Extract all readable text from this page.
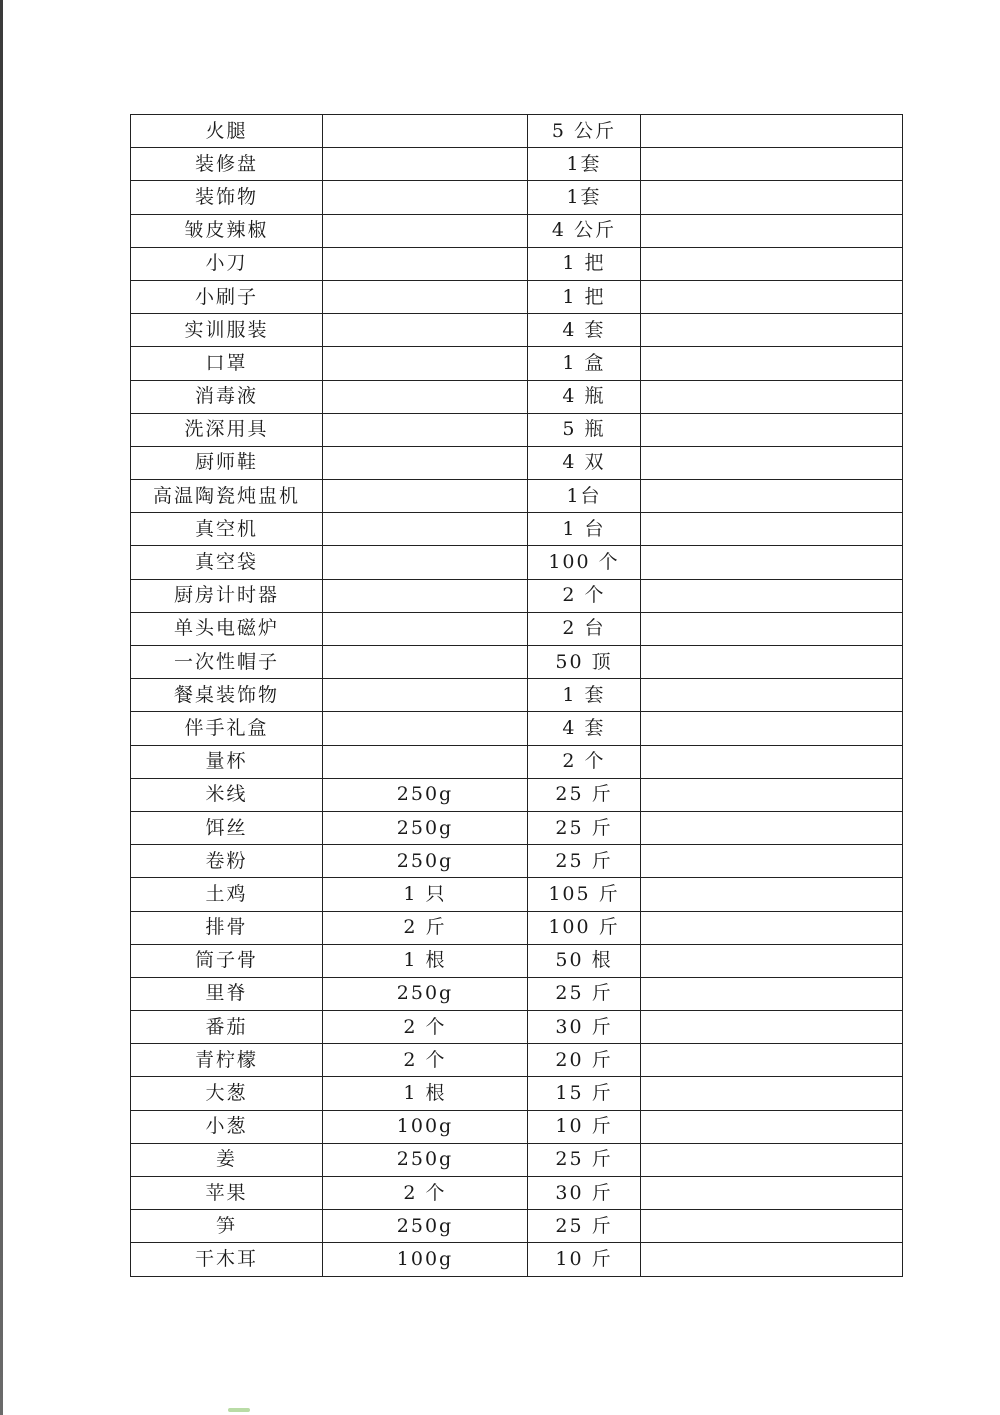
火腿		5 公斤	
装修盘		1套	
装饰物		1套	
皱皮辣椒		4 公斤	
小刀		1 把	
小刷子		1 把	
实训服装		4 套	
口罩		1 盒	
消毒液		4 瓶	
洗深用具		5 瓶	
厨师鞋		4 双	
高温陶瓷炖盅机		1台	
真空机		1 台	
真空袋		100 个	
厨房计时器		2 个	
单头电磁炉		2 台	
一次性帽子		50 顶	
餐桌装饰物		1 套	
伴手礼盒		4 套	
量杯		2 个	
米线	250g	25 斤	
饵丝	250g	25 斤	
卷粉	250g	25 斤	
土鸡	1 只	105 斤	
排骨	2 斤	100 斤	
筒子骨	1 根	50 根	
里脊	250g	25 斤	
番茄	2 个	30 斤	
青柠檬	2 个	20 斤	
大葱	1 根	15 斤	
小葱	100g	10 斤	
姜	250g	25 斤	
苹果	2 个	30 斤	
笋	250g	25 斤	
干木耳	100g	10 斤	
